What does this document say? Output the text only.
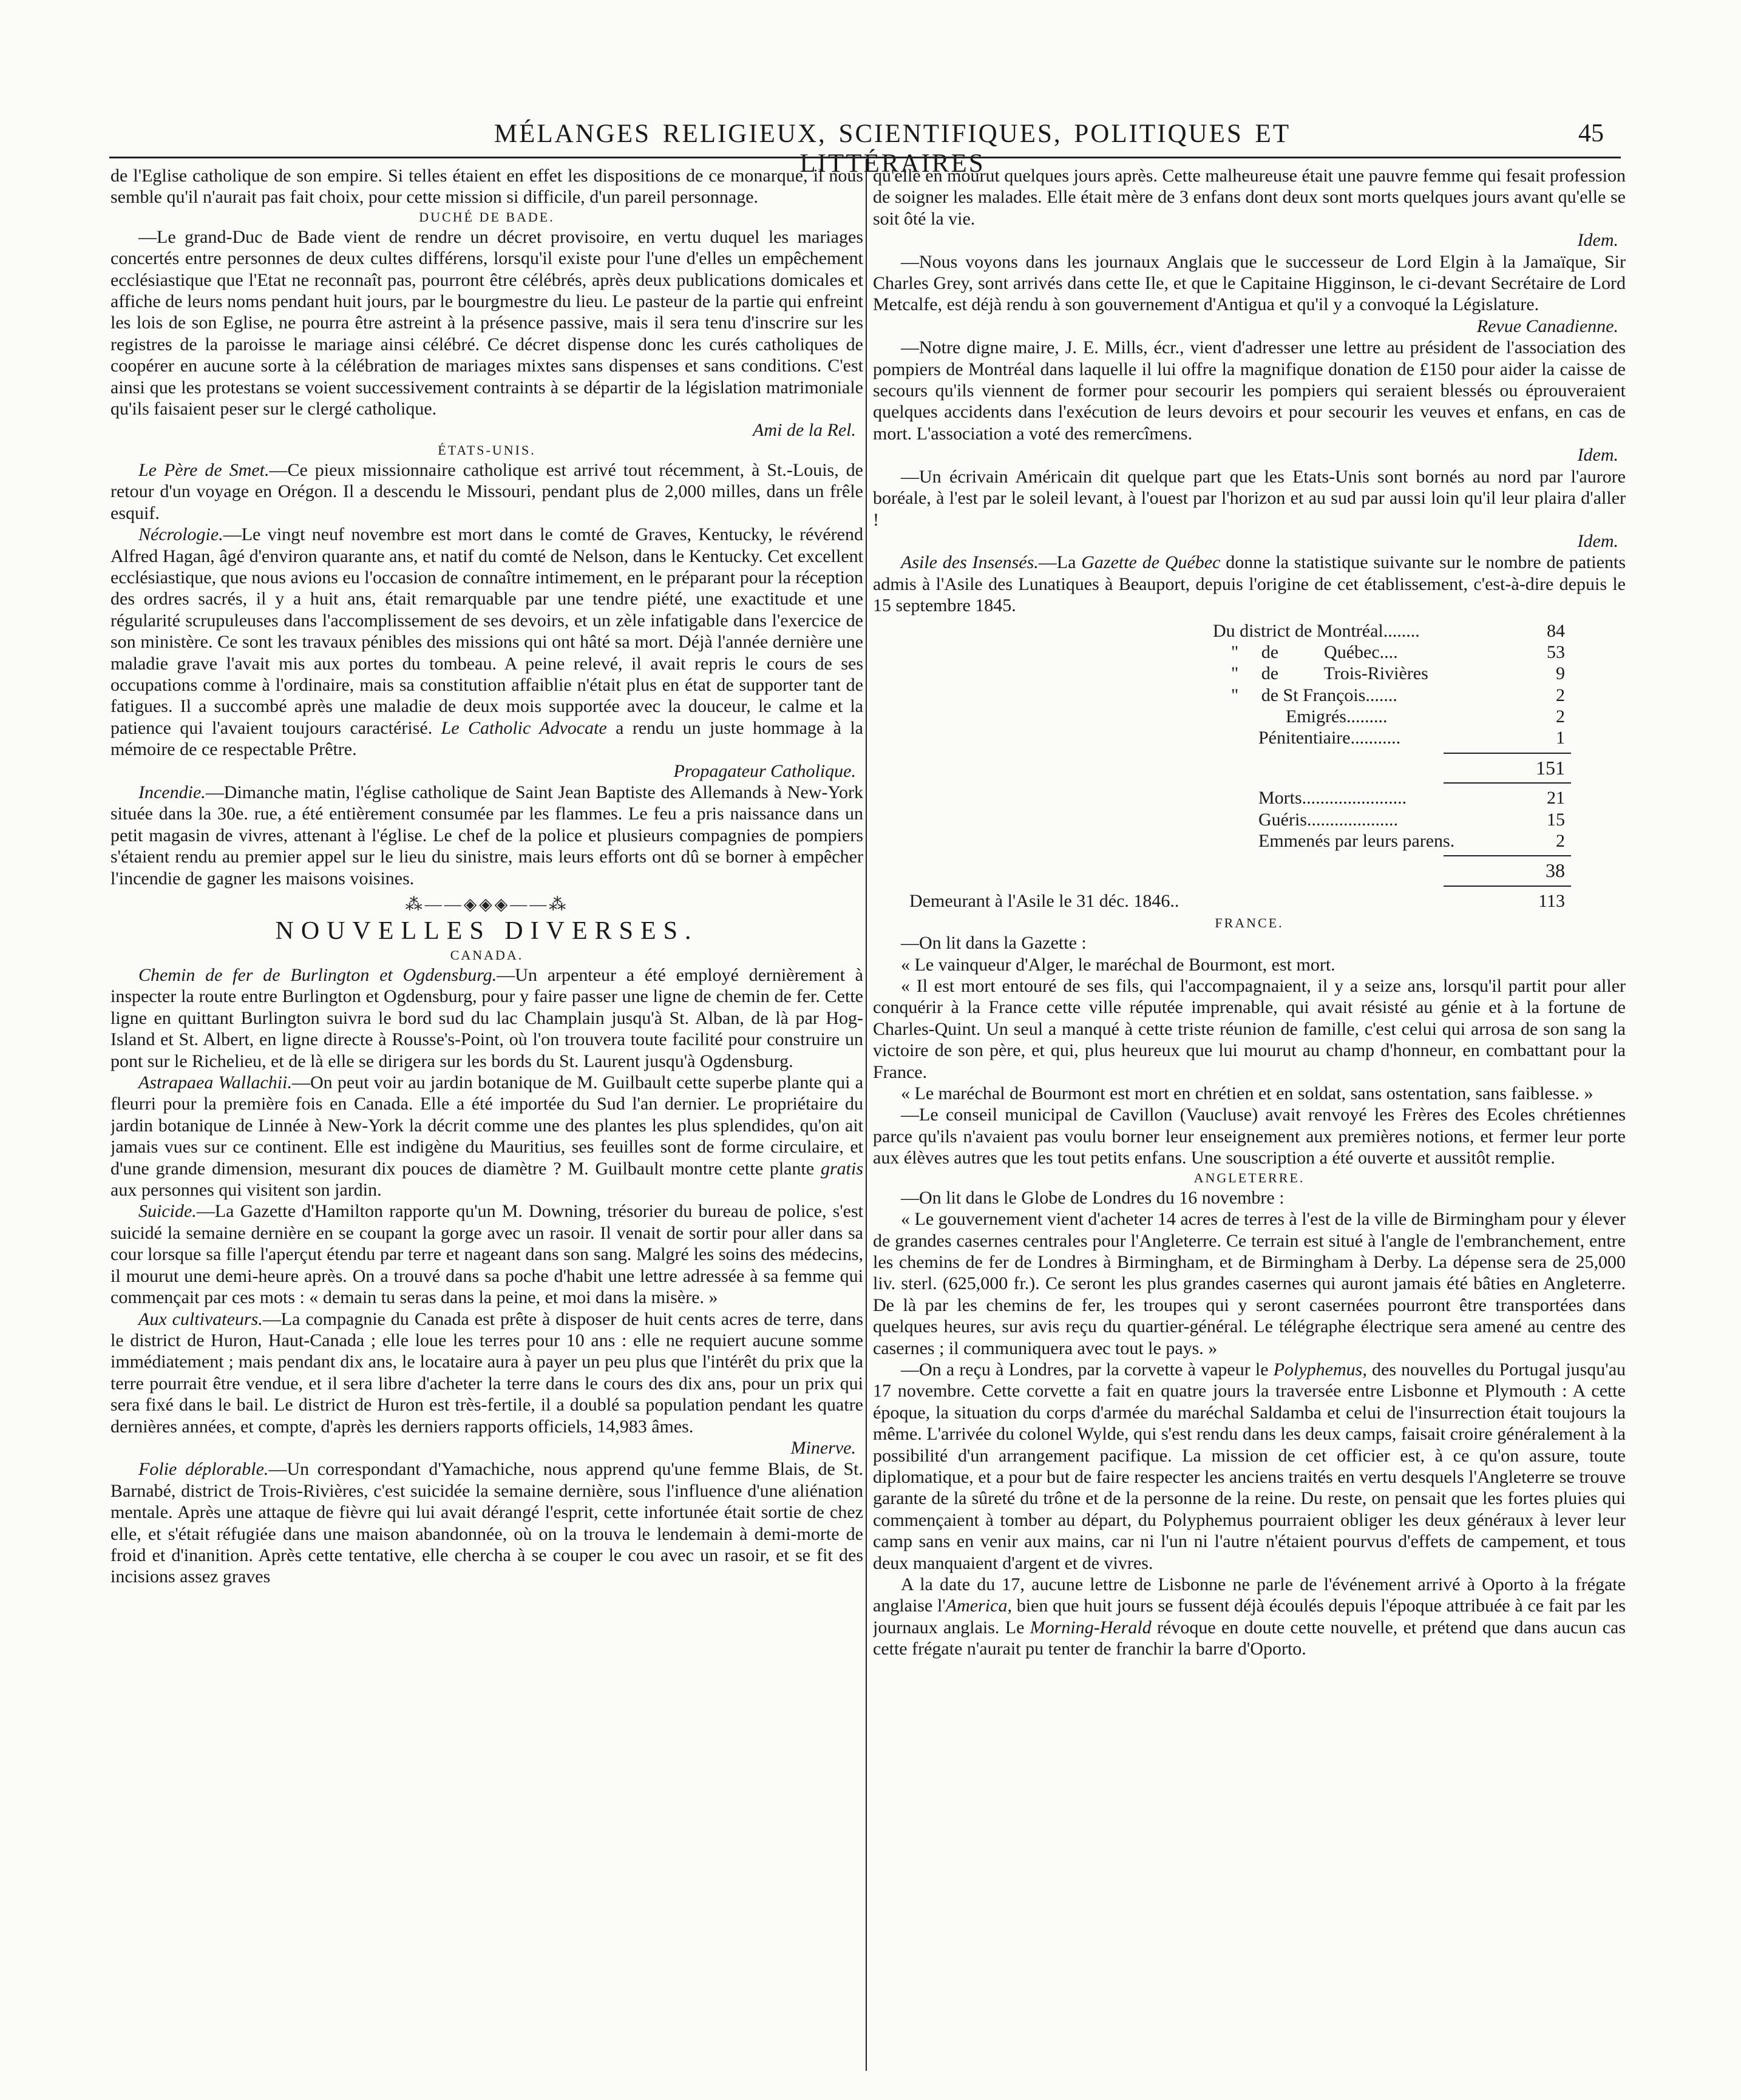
MÉLANGES RELIGIEUX, SCIENTIFIQUES, POLITIQUES ET LITTÉRAIRES
45

de l'Eglise catholique de son empire. Si telles étaient en effet les dispositions de ce monarque, il nous semble qu'il n'aurait pas fait choix, pour cette mission si difficile, d'un pareil personnage.

DUCHÉ DE BADE.

—Le grand-Duc de Bade vient de rendre un décret provisoire, en vertu duquel les mariages concertés entre personnes de deux cultes différens, lorsqu'il existe pour l'une d'elles un empêchement ecclésiastique que l'Etat ne reconnaît pas, pourront être célébrés, après deux publications domicales et affiche de leurs noms pendant huit jours, par le bourgmestre du lieu. Le pasteur de la partie qui enfreint les lois de son Eglise, ne pourra être astreint à la présence passive, mais il sera tenu d'inscrire sur les registres de la paroisse le mariage ainsi célébré. Ce décret dispense donc les curés catholiques de coopérer en aucune sorte à la célébration de mariages mixtes sans dispenses et sans conditions. C'est ainsi que les protestans se voient successivement contraints à se départir de la législation matrimoniale qu'ils faisaient peser sur le clergé catholique.

Ami de la Rel.

ÉTATS-UNIS.

Le Père de Smet.—Ce pieux missionnaire catholique est arrivé tout récemment, à St.-Louis, de retour d'un voyage en Orégon. Il a descendu le Missouri, pendant plus de 2,000 milles, dans un frêle esquif.

Nécrologie.—Le vingt neuf novembre est mort dans le comté de Graves, Kentucky, le révérend Alfred Hagan, âgé d'environ quarante ans, et natif du comté de Nelson, dans le Kentucky. Cet excellent ecclésiastique, que nous avions eu l'occasion de connaître intimement, en le préparant pour la réception des ordres sacrés, il y a huit ans, était remarquable par une tendre piété, une exactitude et une régularité scrupuleuses dans l'accomplissement de ses devoirs, et un zèle infatigable dans l'exercice de son ministère. Ce sont les travaux pénibles des missions qui ont hâté sa mort. Déjà l'année dernière une maladie grave l'avait mis aux portes du tombeau. A peine relevé, il avait repris le cours de ses occupations comme à l'ordinaire, mais sa constitution affaiblie n'était plus en état de supporter tant de fatigues. Il a succombé après une maladie de deux mois supportée avec la douceur, le calme et la patience qui l'avaient toujours caractérisé. Le Catholic Advocate a rendu un juste hommage à la mémoire de ce respectable Prêtre.

Propagateur Catholique.

Incendie.—Dimanche matin, l'église catholique de Saint Jean Baptiste des Allemands à New-York située dans la 30e. rue, a été entièrement consumée par les flammes. Le feu a pris naissance dans un petit magasin de vivres, attenant à l'église. Le chef de la police et plusieurs compagnies de pompiers s'étaient rendu au premier appel sur le lieu du sinistre, mais leurs efforts ont dû se borner à empêcher l'incendie de gagner les maisons voisines.

⁂——◈◈◈——⁂
NOUVELLES DIVERSES.
CANADA.

Chemin de fer de Burlington et Ogdensburg.—Un arpenteur a été employé dernièrement à inspecter la route entre Burlington et Ogdensburg, pour y faire passer une ligne de chemin de fer. Cette ligne en quittant Burlington suivra le bord sud du lac Champlain jusqu'à St. Alban, de là par Hog-Island et St. Albert, en ligne directe à Rousse's-Point, où l'on trouvera toute facilité pour construire un pont sur le Richelieu, et de là elle se dirigera sur les bords du St. Laurent jusqu'à Ogdensburg.

Astrapaea Wallachii.—On peut voir au jardin botanique de M. Guilbault cette superbe plante qui a fleurri pour la première fois en Canada. Elle a été importée du Sud l'an dernier. Le propriétaire du jardin botanique de Linnée à New-York la décrit comme une des plantes les plus splendides, qu'on ait jamais vues sur ce continent. Elle est indigène du Mauritius, ses feuilles sont de forme circulaire, et d'une grande dimension, mesurant dix pouces de diamètre ? M. Guilbault montre cette plante gratis aux personnes qui visitent son jardin.

Suicide.—La Gazette d'Hamilton rapporte qu'un M. Downing, trésorier du bureau de police, s'est suicidé la semaine dernière en se coupant la gorge avec un rasoir. Il venait de sortir pour aller dans sa cour lorsque sa fille l'aperçut étendu par terre et nageant dans son sang. Malgré les soins des médecins, il mourut une demi-heure après. On a trouvé dans sa poche d'habit une lettre adressée à sa femme qui commençait par ces mots : « demain tu seras dans la peine, et moi dans la misère. »

Aux cultivateurs.—La compagnie du Canada est prête à disposer de huit cents acres de terre, dans le district de Huron, Haut-Canada ; elle loue les terres pour 10 ans : elle ne requiert aucune somme immédiatement ; mais pendant dix ans, le locataire aura à payer un peu plus que l'intérêt du prix que la terre pourrait être vendue, et il sera libre d'acheter la terre dans le cours des dix ans, pour un prix qui sera fixé dans le bail. Le district de Huron est très-fertile, il a doublé sa population pendant les quatre dernières années, et compte, d'après les derniers rapports officiels, 14,983 âmes.

Minerve.

Folie déplorable.—Un correspondant d'Yamachiche, nous apprend qu'une femme Blais, de St. Barnabé, district de Trois-Rivières, c'est suicidée la semaine dernière, sous l'influence d'une aliénation mentale. Après une attaque de fièvre qui lui avait dérangé l'esprit, cette infortunée était sortie de chez elle, et s'était réfugiée dans une maison abandonnée, où on la trouva le lendemain à demi-morte de froid et d'inanition. Après cette tentative, elle chercha à se couper le cou avec un rasoir, et se fit des incisions assez graves

qu'elle en mourut quelques jours après. Cette malheureuse était une pauvre femme qui fesait profession de soigner les malades. Elle était mère de 3 enfans dont deux sont morts quelques jours avant qu'elle se soit ôté la vie.

Idem.

—Nous voyons dans les journaux Anglais que le successeur de Lord Elgin à la Jamaïque, Sir Charles Grey, sont arrivés dans cette Ile, et que le Capitaine Higginson, le ci-devant Secrétaire de Lord Metcalfe, est déjà rendu à son gouvernement d'Antigua et qu'il y a convoqué la Législature.

Revue Canadienne.

—Notre digne maire, J. E. Mills, écr., vient d'adresser une lettre au président de l'association des pompiers de Montréal dans laquelle il lui offre la magnifique donation de £150 pour aider la caisse de secours qu'ils viennent de former pour secourir les pompiers qui seraient blessés ou éprouveraient quelques accidents dans l'exécution de leurs devoirs et pour secourir les veuves et enfans, en cas de mort. L'association a voté des remercîmens.

Idem.

—Un écrivain Américain dit quelque part que les Etats-Unis sont bornés au nord par l'aurore boréale, à l'est par le soleil levant, à l'ouest par l'horizon et au sud par aussi loin qu'il leur plaira d'aller !

Idem.

Asile des Insensés.—La Gazette de Québec donne la statistique suivante sur le nombre de patients admis à l'Asile des Lunatiques à Beauport, depuis l'origine de cet établissement, c'est-à-dire depuis le 15 septembre 1845.

Du district de Montréal........	84
"     de          Québec....	53
"     de          Trois-Rivières	9
"     de St François.......	2
Emigrés.........	2
Pénitentiaire...........	1
151
Morts.......................	21
Guéris....................	15
Emmenés par leurs parens.	2
38
Demeurant à l'Asile le 31 déc. 1846..	113
FRANCE.

—On lit dans la Gazette :

« Le vainqueur d'Alger, le maréchal de Bourmont, est mort.

« Il est mort entouré de ses fils, qui l'accompagnaient, il y a seize ans, lorsqu'il partit pour aller conquérir à la France cette ville réputée imprenable, qui avait résisté au génie et à la fortune de Charles-Quint. Un seul a manqué à cette triste réunion de famille, c'est celui qui arrosa de son sang la victoire de son père, et qui, plus heureux que lui mourut au champ d'honneur, en combattant pour la France.

« Le maréchal de Bourmont est mort en chrétien et en soldat, sans ostentation, sans faiblesse. »

—Le conseil municipal de Cavillon (Vaucluse) avait renvoyé les Frères des Ecoles chrétiennes parce qu'ils n'avaient pas voulu borner leur enseignement aux premières notions, et fermer leur porte aux élèves autres que les tout petits enfans. Une souscription a été ouverte et aussitôt remplie.

ANGLETERRE.

—On lit dans le Globe de Londres du 16 novembre :

« Le gouvernement vient d'acheter 14 acres de terres à l'est de la ville de Birmingham pour y élever de grandes casernes centrales pour l'Angleterre. Ce terrain est situé à l'angle de l'embranchement, entre les chemins de fer de Londres à Birmingham, et de Birmingham à Derby. La dépense sera de 25,000 liv. sterl. (625,000 fr.). Ce seront les plus grandes casernes qui auront jamais été bâties en Angleterre. De là par les chemins de fer, les troupes qui y seront casernées pourront être transportées dans quelques heures, sur avis reçu du quartier-général. Le télégraphe électrique sera amené au centre des casernes ; il communiquera avec tout le pays. »

—On a reçu à Londres, par la corvette à vapeur le Polyphemus, des nouvelles du Portugal jusqu'au 17 novembre. Cette corvette a fait en quatre jours la traversée entre Lisbonne et Plymouth : A cette époque, la situation du corps d'armée du maréchal Saldamba et celui de l'insurrection était toujours la même. L'arrivée du colonel Wylde, qui s'est rendu dans les deux camps, faisait croire généralement à la possibilité d'un arrangement pacifique. La mission de cet officier est, à ce qu'on assure, toute diplomatique, et a pour but de faire respecter les anciens traités en vertu desquels l'Angleterre se trouve garante de la sûreté du trône et de la personne de la reine. Du reste, on pensait que les fortes pluies qui commençaient à tomber au départ, du Polyphemus pourraient obliger les deux généraux à lever leur camp sans en venir aux mains, car ni l'un ni l'autre n'étaient pourvus d'effets de campement, et tous deux manquaient d'argent et de vivres.

A la date du 17, aucune lettre de Lisbonne ne parle de l'événement arrivé à Oporto à la frégate anglaise l'America, bien que huit jours se fussent déjà écoulés depuis l'époque attribuée à ce fait par les journaux anglais. Le Morning-Herald révoque en doute cette nouvelle, et prétend que dans aucun cas cette frégate n'aurait pu tenter de franchir la barre d'Oporto.
